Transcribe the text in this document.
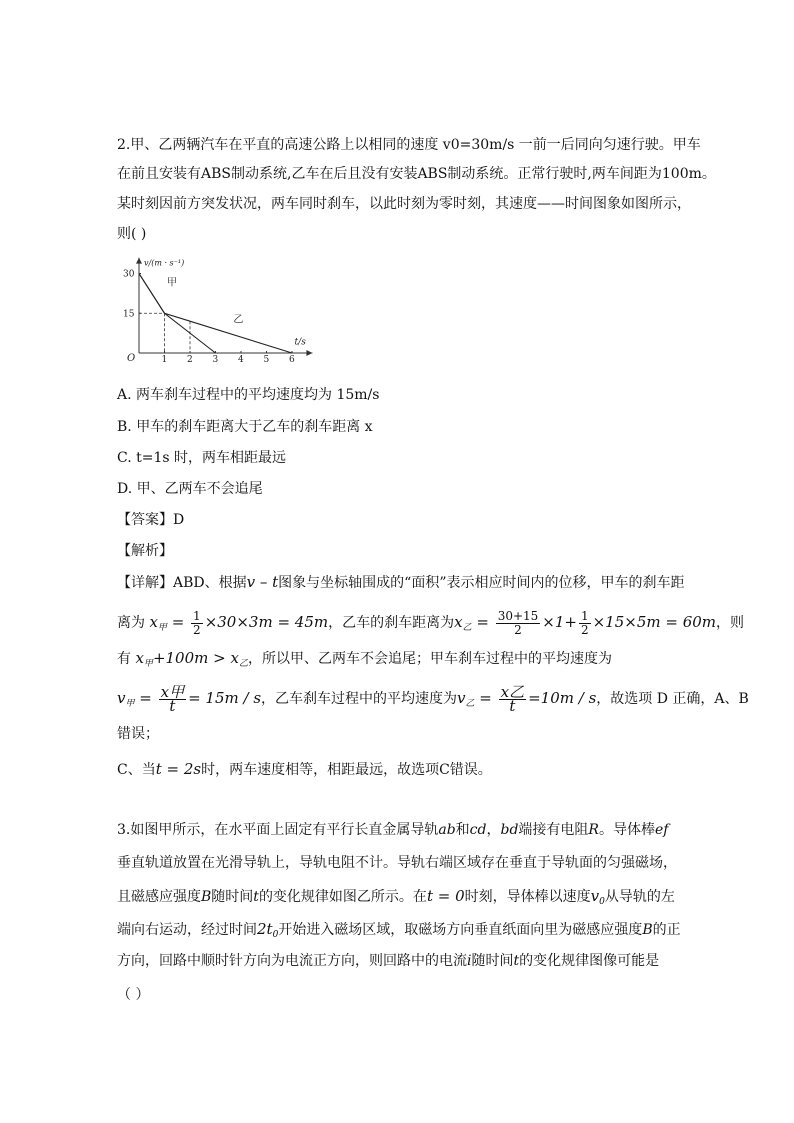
2.甲、乙两辆汽车在平直的高速公路上以相同的速度 v0=30m/s 一前一后同向匀速行驶。甲车
在前且安装有ABS制动系统,乙车在后且没有安装ABS制动系统。正常行驶时,两车间距为100m。
某时刻因前方突发状况，两车同时刹车，以此时刻为零时刻，其速度——时间图象如图所示，
则( )
v/(m · s⁻¹)
t/s
O	1 2 3 4 5 6
15
30
甲
乙
A. 两车刹车过程中的平均速度均为 15m/s
B. 甲车的刹车距离大于乙车的刹车距离 x
C. t=1s 时，两车相距最远
D. 甲、乙两车不会追尾
【答案】D
【解析】
【详解】ABD、根据v – t图象与坐标轴围成的“面积”表示相应时间内的位移，甲车的刹车距
离为 $x_甲 = \frac{1}{2} \times 30\times 3m = 45m$，乙车的刹车距离为$x_乙 = \frac{30+15}{2} \times 1+ \frac{1}{2} \times 15\times 5m = 60m$，则
有 $x_甲+100m > x_乙$，所以甲、乙两车不会追尾；甲车刹车过程中的平均速度为
$v_甲 = \frac{\text{x甲}}{t} = 15m / s$，乙车刹车过程中的平均速度为$v_乙 = \frac{\text{x乙}}{t} =10m / s$，故选项 D 正确，A、B
错误；
C、当t = 2s时，两车速度相等，相距最远，故选项C错误。
3.如图甲所示，在水平面上固定有平行长直金属导轨ab和cd，bd端接有电阻R。导体棒ef
垂直轨道放置在光滑导轨上，导轨电阻不计。导轨右端区域存在垂直于导轨面的匀强磁场，
且磁感应强度B随时间t的变化规律如图乙所示。在t = 0时刻，导体棒以速度$v_0$从导轨的左
端向右运动，经过时间$2t_0$开始进入磁场区域，取磁场方向垂直纸面向里为磁感应强度B的正
方向，回路中顺时针方向为电流正方向，则回路中的电流i随时间t的变化规律图像可能是
（ ）
